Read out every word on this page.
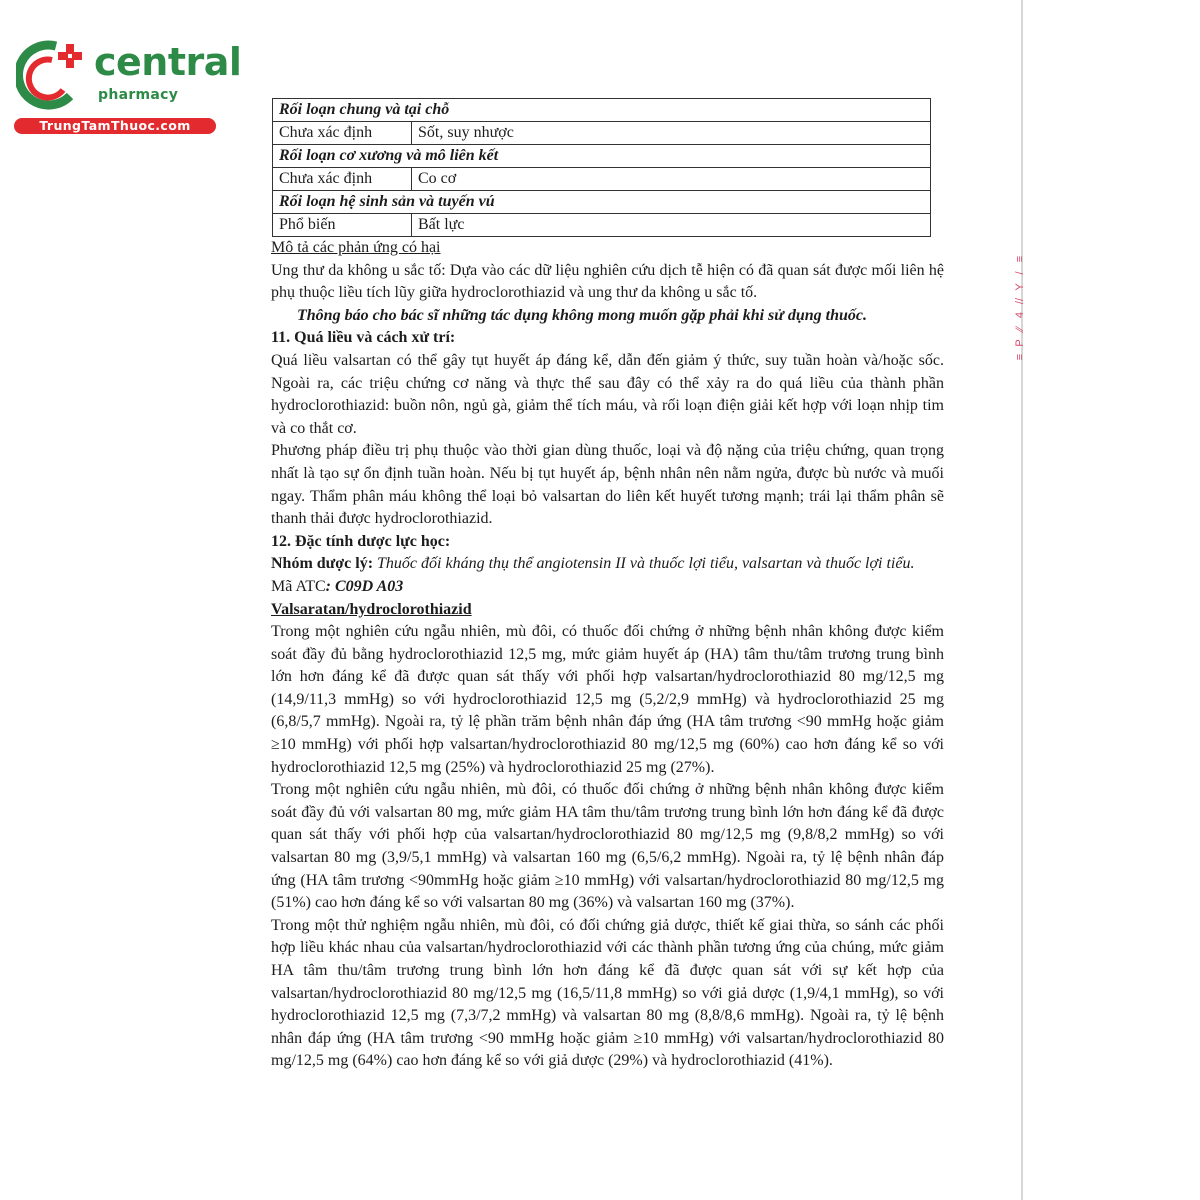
central
pharmacy
TrungTamThuoc.com
≡
/
Y
//
4
⁄⁄
P
≡
Rối loạn chung và tại chỗ	
Chưa xác định	Sốt, suy nhược
Rối loạn cơ xương và mô liên kết	
Chưa xác định	Co cơ
Rối loạn hệ sinh sản và tuyến vú	
Phổ biến	Bất lực

Mô tả các phản ứng có hại

Ung thư da không u sắc tố: Dựa vào các dữ liệu nghiên cứu dịch tễ hiện có đã quan sát được mối liên hệ phụ thuộc liều tích lũy giữa hydroclorothiazid và ung thư da không u sắc tố.

Thông báo cho bác sĩ những tác dụng không mong muốn gặp phải khi sử dụng thuốc.

11. Quá liều và cách xử trí:

Quá liều valsartan có thể gây tụt huyết áp đáng kể, dẫn đến giảm ý thức, suy tuần hoàn và/hoặc sốc. Ngoài ra, các triệu chứng cơ năng và thực thể sau đây có thể xảy ra do quá liều của thành phần hydroclorothiazid: buồn nôn, ngủ gà, giảm thể tích máu, và rối loạn điện giải kết hợp với loạn nhịp tim và co thắt cơ.

Phương pháp điều trị phụ thuộc vào thời gian dùng thuốc, loại và độ nặng của triệu chứng, quan trọng nhất là tạo sự ổn định tuần hoàn. Nếu bị tụt huyết áp, bệnh nhân nên nằm ngửa, được bù nước và muối ngay. Thẩm phân máu không thể loại bỏ valsartan do liên kết huyết tương mạnh; trái lại thẩm phân sẽ thanh thải được hydroclorothiazid.

12. Đặc tính dược lực học:

Nhóm dược lý: Thuốc đối kháng thụ thể angiotensin II và thuốc lợi tiểu, valsartan và thuốc lợi tiểu.

Mã ATC: C09D A03

Valsaratan/hydroclorothiazid

Trong một nghiên cứu ngẫu nhiên, mù đôi, có thuốc đối chứng ở những bệnh nhân không được kiểm soát đầy đủ bằng hydroclorothiazid 12,5 mg, mức giảm huyết áp (HA) tâm thu/tâm trương trung bình lớn hơn đáng kể đã được quan sát thấy với phối hợp valsartan/hydroclorothiazid 80 mg/12,5 mg (14,9/11,3 mmHg) so với hydroclorothiazid 12,5 mg (5,2/2,9 mmHg) và hydroclorothiazid 25 mg (6,8/5,7 mmHg). Ngoài ra, tỷ lệ phần trăm bệnh nhân đáp ứng (HA tâm trương <90 mmHg hoặc giảm ≥10 mmHg) với phối hợp valsartan/hydroclorothiazid 80 mg/12,5 mg (60%) cao hơn đáng kể so với hydroclorothiazid 12,5 mg (25%) và hydroclorothiazid 25 mg (27%).

Trong một nghiên cứu ngẫu nhiên, mù đôi, có thuốc đối chứng ở những bệnh nhân không được kiểm soát đầy đủ với valsartan 80 mg, mức giảm HA tâm thu/tâm trương trung bình lớn hơn đáng kể đã được quan sát thấy với phối hợp của valsartan/hydroclorothiazid 80 mg/12,5 mg (9,8/8,2 mmHg) so với valsartan 80 mg (3,9/5,1 mmHg) và valsartan 160 mg (6,5/6,2 mmHg). Ngoài ra, tỷ lệ bệnh nhân đáp ứng (HA tâm trương <90mmHg hoặc giảm ≥10 mmHg) với valsartan/hydroclorothiazid 80 mg/12,5 mg (51%) cao hơn đáng kể so với valsartan 80 mg (36%) và valsartan 160 mg (37%).

Trong một thử nghiệm ngẫu nhiên, mù đôi, có đối chứng giả dược, thiết kế giai thừa, so sánh các phối hợp liều khác nhau của valsartan/hydroclorothiazid với các thành phần tương ứng của chúng, mức giảm HA tâm thu/tâm trương trung bình lớn hơn đáng kể đã được quan sát với sự kết hợp của valsartan/hydroclorothiazid 80 mg/12,5 mg (16,5/11,8 mmHg) so với giả dược (1,9/4,1 mmHg), so với hydroclorothiazid 12,5 mg (7,3/7,2 mmHg) và valsartan 80 mg (8,8/8,6 mmHg). Ngoài ra, tỷ lệ bệnh nhân đáp ứng (HA tâm trương <90 mmHg hoặc giảm ≥10 mmHg) với valsartan/hydroclorothiazid 80 mg/12,5 mg (64%) cao hơn đáng kể so với giả dược (29%) và hydroclorothiazid (41%).
